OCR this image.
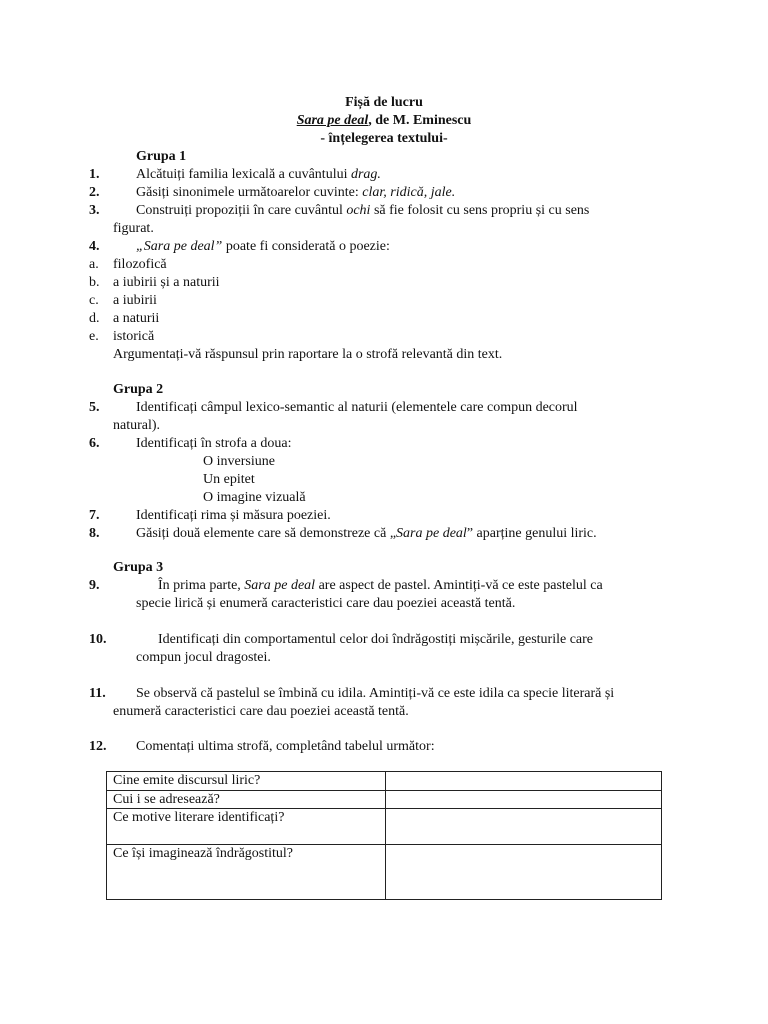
Fișă de lucru
Sara pe deal, de M. Eminescu
- înțelegerea textului-
Grupa 1
1.	Alcătuiți familia lexicală a cuvântului drag.
2.	Găsiți sinonimele următoarelor cuvinte: clar, ridică, jale.
3.	Construiți propoziții în care cuvântul ochi să fie folosit cu sens propriu și cu sens
figurat.
4.	„Sara pe deal” poate fi considerată o poezie:
a. filozofică
b. a iubirii și a naturii
c. a iubirii
d. a naturii
e. istorică
Argumentați-vă răspunsul prin raportare la o strofă relevantă din text.
Grupa 2
5.	Identificați câmpul lexico-semantic al naturii (elementele care compun decorul
natural).
6.	Identificați în strofa a doua:
O inversiune
Un epitet
O imagine vizuală
7.	Identificați rima și măsura poeziei.
8.	Găsiți două elemente care să demonstreze că „Sara pe deal” aparține genului liric.
Grupa 3
9.	În prima parte, Sara pe deal are aspect de pastel. Amintiți-vă ce este pastelul ca
specie lirică și enumeră caracteristici care dau poeziei această tentă.
10.	Identificați din comportamentul celor doi îndrăgostiți mișcările, gesturile care
compun jocul dragostei.
11. Se observă că pastelul se îmbină cu idila. Amintiți-vă ce este idila ca specie literară și
enumeră caracteristici care dau poeziei această tentă.
12. Comentați ultima strofă, completând tabelul următor:
Cine emite discursul liric?	
Cui i se adresează?	
Ce motive literare identificați?	
Ce își imaginează îndrăgostitul?	
